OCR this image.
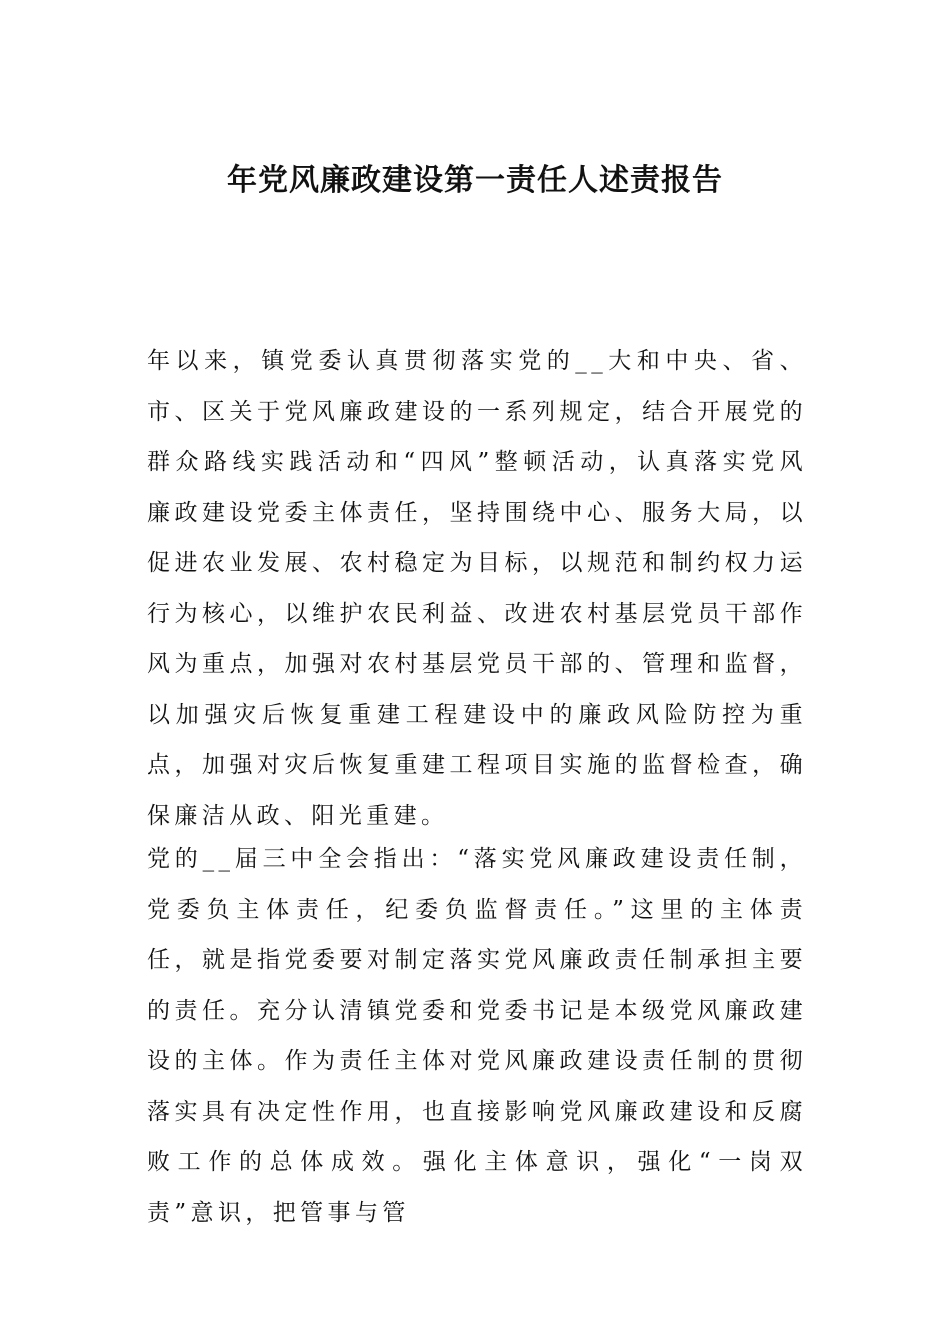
年党风廉政建设第一责任人述责报告

年以来，镇党委认真贯彻落实党的__大和中央、省、市、区关于党风廉政建设的一系列规定，结合开展党的群众路线实践活动和“四风”整顿活动，认真落实党风廉政建设党委主体责任，坚持围绕中心、服务大局，以促进农业发展、农村稳定为目标，以规范和制约权力运行为核心，以维护农民利益、改进农村基层党员干部作风为重点，加强对农村基层党员干部的、管理和监督，以加强灾后恢复重建工程建设中的廉政风险防控为重点，加强对灾后恢复重建工程项目实施的监督检查，确保廉洁从政、阳光重建。

党的__届三中全会指出：“落实党风廉政建设责任制，党委负主体责任，纪委负监督责任。”这里的主体责任，就是指党委要对制定落实党风廉政责任制承担主要的责任。充分认清镇党委和党委书记是本级党风廉政建设的主体。作为责任主体对党风廉政建设责任制的贯彻落实具有决定性作用，也直接影响党风廉政建设和反腐败工作的总体成效。强化主体意识，强化“一岗双责”意识，把管事与管
